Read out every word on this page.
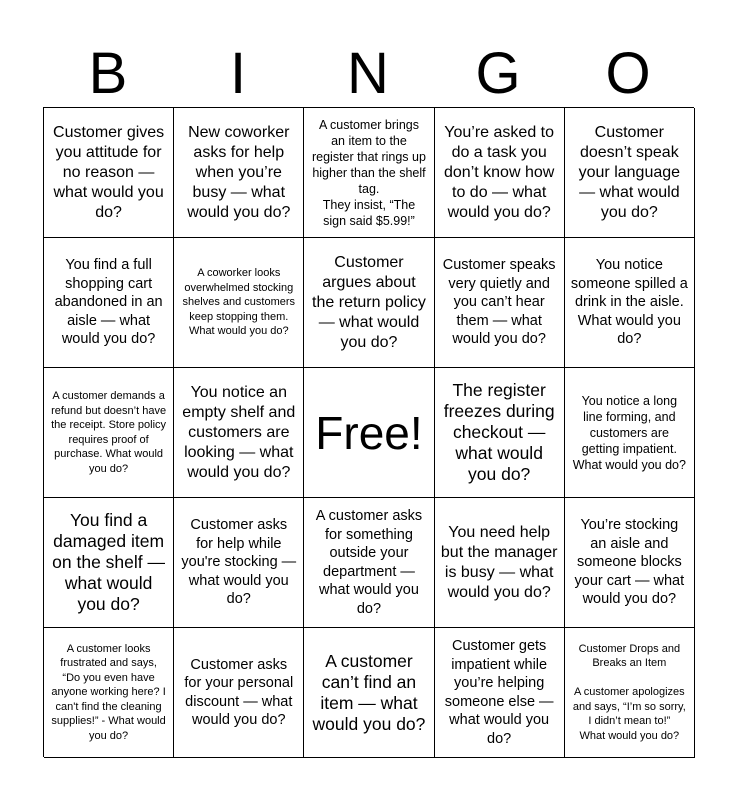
B	I	N	G	O
Customer gives you attitude for no reason — what would you do?
New coworker asks for help when you’re busy — what would you do?
A customer brings an item to the register that rings up higher than the shelf tag.
They insist, “The sign said $5.99!”
You’re asked to do a task you don’t know how to do — what would you do?
Customer doesn’t speak your language — what would you do?
You find a full shopping cart abandoned in an aisle — what would you do?
A coworker looks overwhelmed stocking shelves and customers keep stopping them. What would you do?
Customer argues about the return policy — what would you do?
Customer speaks very quietly and you can’t hear them — what would you do?
You notice someone spilled a drink in the aisle. What would you do?
A customer demands a refund but doesn’t have the receipt. Store policy requires proof of purchase. What would you do?
You notice an empty shelf and customers are looking — what would you do?
Free!
The register freezes during checkout — what would you do?
You notice a long line forming, and customers are getting impatient. What would you do?
You find a damaged item on the shelf — what would you do?
Customer asks for help while you're stocking — what would you do?
A customer asks for something outside your department — what would you do?
You need help but the manager is busy — what would you do?
You’re stocking an aisle and someone blocks your cart — what would you do?
A customer looks frustrated and says, “Do you even have anyone working here? I can't find the cleaning supplies!” - What would you do?
Customer asks for your personal discount — what would you do?
A customer can’t find an item — what would you do?
Customer gets impatient while you’re helping someone else — what would you do?
Customer Drops and Breaks an Item

A customer apologizes and says, “I’m so sorry, I didn’t mean to!”
What would you do?
